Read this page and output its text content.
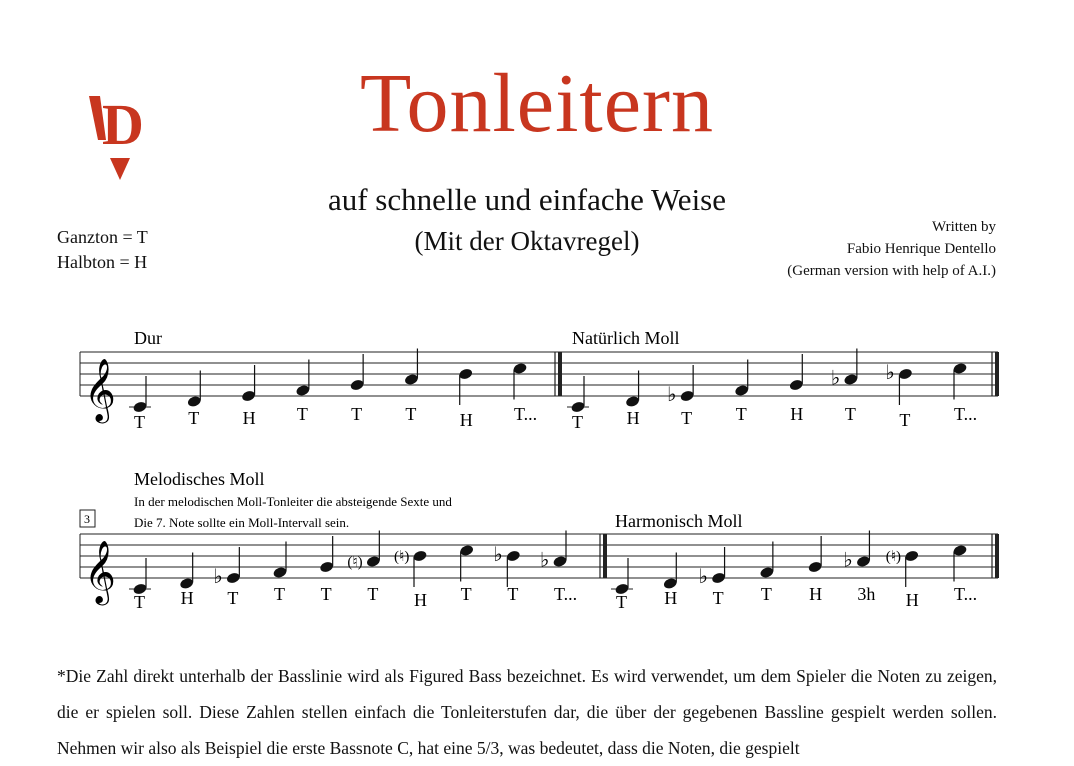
D	Tonleitern
auf schnelle und einfache Weise
(Mit der Oktavregel)
Ganzton = T
Halbton = H
Written by
Fabio Henrique Dentello
(German version with help of A.I.)
𝄞
Dur
T T H T T T H T...
Natürlich Moll
T H
♭
T T H
♭
T
♭
T T...
𝄞
3
Melodisches Moll
In der melodischen Moll-Tonleiter die absteigende Sexte und
Die 7. Note sollte ein Moll-Intervall sein.
T H
♭
T T T
(♮)
T
(♮)
H T
♭
T
♭
T...
Harmonisch Moll
T H
♭
T T H
♭
3h
(♮)
H T...
*Die Zahl direkt unterhalb der Basslinie wird als Figured Bass bezeichnet. Es wird verwendet, um dem Spieler die Noten zu zeigen, die er spielen soll. Diese Zahlen stellen einfach die Tonleiterstufen dar, die über der gegebenen Bassline gespielt werden sollen. Nehmen wir also als Beispiel die erste Bassnote C, hat eine 5/3, was bedeutet, dass die Noten, die gespielt
